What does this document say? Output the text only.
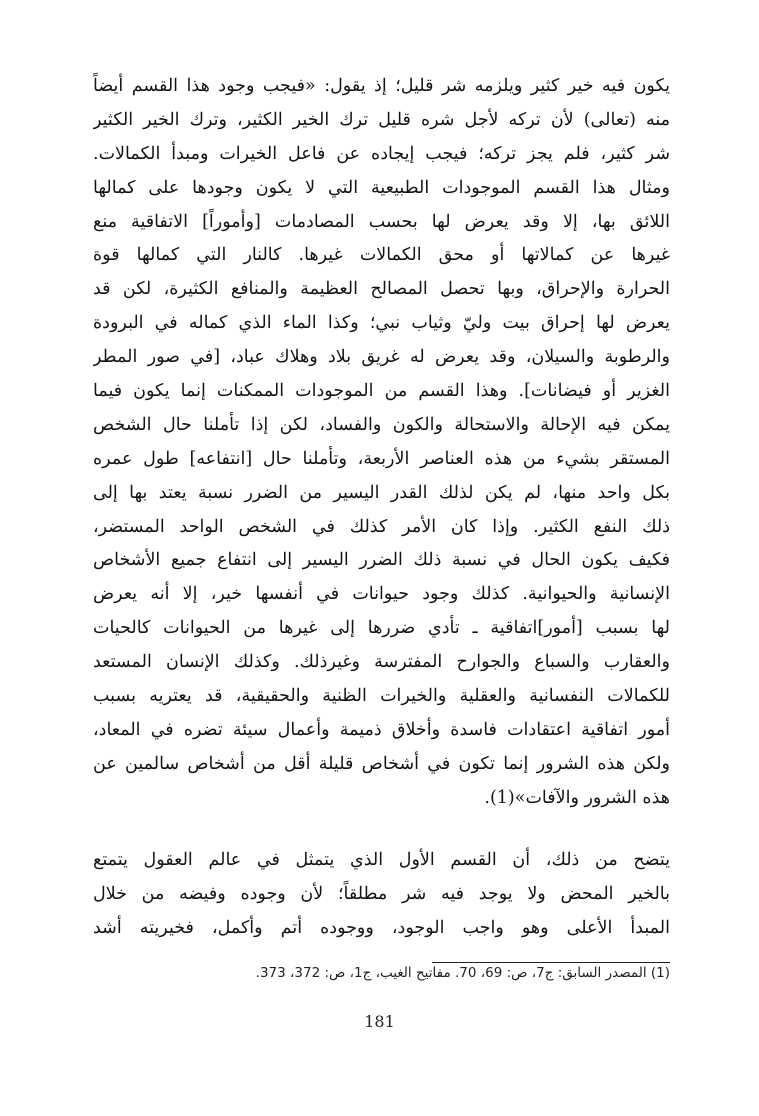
يكون فيه خير كثير ويلزمه شر قليل؛ إذ يقول: «فيجب وجود هذا القسم أيضاً
منه (تعالى) لأن تركه لأجل شره قليل ترك الخير الكثير، وترك الخير الكثير
شر كثير، فلم يجز تركه؛ فيجب إيجاده عن فاعل الخيرات ومبدأ الكمالات.
ومثال هذا القسم الموجودات الطبيعية التي لا يكون وجودها على كمالها
اللائق بها، إلا وقد يعرض لها بحسب المصادمات [وأموراً] الاتفاقية منع
غيرها عن كمالاتها أو محق الكمالات غيرها. كالنار التي كمالها قوة
الحرارة والإحراق، وبها تحصل المصالح العظيمة والمنافع الكثيرة، لكن قد
يعرض لها إحراق بيت وليّ وثياب نبي؛ وكذا الماء الذي كماله في البرودة
والرطوبة والسيلان، وقد يعرض له غريق بلاد وهلاك عباد، [في صور المطر
الغزير أو فيضانات]. وهذا القسم من الموجودات الممكنات إنما يكون فيما
يمكن فيه الإحالة والاستحالة والكون والفساد، لكن إذا تأملنا حال الشخص
المستقر بشيء من هذه العناصر الأربعة، وتأملنا حال [انتفاعه] طول عمره
بكل واحد منها، لم يكن لذلك القدر اليسير من الضرر نسبة يعتد بها إلى
ذلك النفع الكثير. وإذا كان الأمر كذلك في الشخص الواحد المستضر،
فكيف يكون الحال في نسبة ذلك الضرر اليسير إلى انتفاع جميع الأشخاص
الإنسانية والحيوانية. كذلك وجود حيوانات في أنفسها خير، إلا أنه يعرض
لها بسبب [أمور]اتفاقية ـ تأدي ضررها إلى غيرها من الحيوانات كالحيات
والعقارب والسباع والجوارح المفترسة وغيرذلك. وكذلك الإنسان المستعد
للكمالات النفسانية والعقلية والخيرات الظنية والحقيقية، قد يعتريه بسبب
أمور اتفاقية اعتقادات فاسدة وأخلاق ذميمة وأعمال سيئة تضره في المعاد،
ولكن هذه الشرور إنما تكون في أشخاص قليلة أقل من أشخاص سالمين عن
هذه الشرور والآفات»(1).
يتضح من ذلك، أن القسم الأول الذي يتمثل في عالم العقول يتمتع
بالخير المحض ولا يوجد فيه شر مطلقاً؛ لأن وجوده وفيضه من خلال
المبدأ الأعلى وهو واجب الوجود، ووجوده أتم وأكمل، فخيريته أشد
(1) المصدر السابق: ج7، ص: 69، 70. مفاتيح الغيب، ج1، ص: 372، 373.
181
